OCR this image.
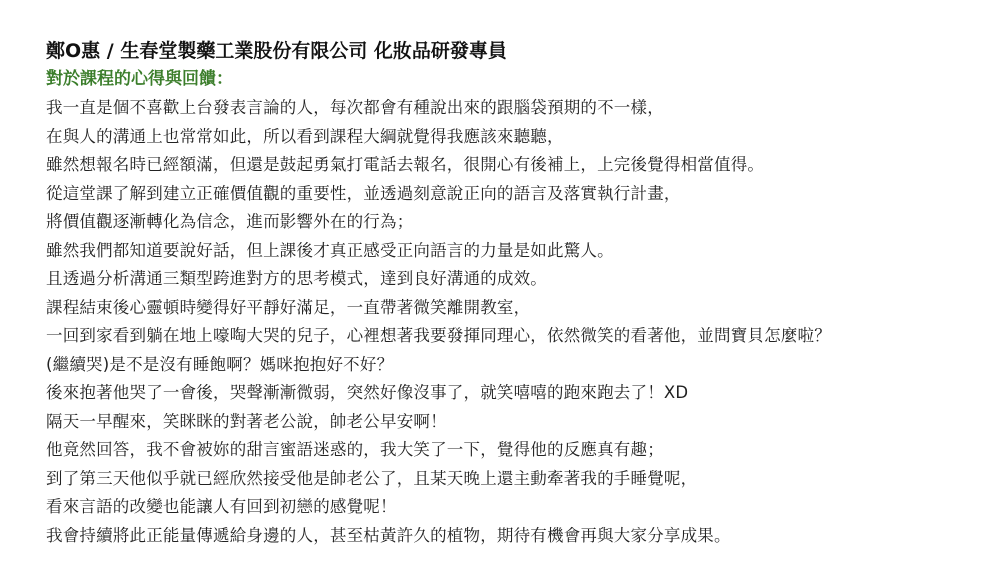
鄭O惠 / 生春堂製藥工業股份有限公司 化妝品研發專員
對於課程的心得與回饋：
我一直是個不喜歡上台發表言論的人，每次都會有種說出來的跟腦袋預期的不一樣，
在與人的溝通上也常常如此，所以看到課程大綱就覺得我應該來聽聽，
雖然想報名時已經額滿，但還是鼓起勇氣打電話去報名，很開心有後補上，上完後覺得相當值得。
從這堂課了解到建立正確價值觀的重要性，並透過刻意說正向的語言及落實執行計畫，
將價值觀逐漸轉化為信念，進而影響外在的行為；
雖然我們都知道要說好話，但上課後才真正感受正向語言的力量是如此驚人。
且透過分析溝通三類型跨進對方的思考模式，達到良好溝通的成效。
課程結束後心靈頓時變得好平靜好滿足，一直帶著微笑離開教室，
一回到家看到躺在地上嚎啕大哭的兒子，心裡想著我要發揮同理心，依然微笑的看著他，並問寶貝怎麼啦？
(繼續哭)是不是沒有睡飽啊？媽咪抱抱好不好？
後來抱著他哭了一會後，哭聲漸漸微弱，突然好像沒事了，就笑嘻嘻的跑來跑去了！XD
隔天一早醒來，笑眯眯的對著老公說，帥老公早安啊！
他竟然回答，我不會被妳的甜言蜜語迷惑的，我大笑了一下，覺得他的反應真有趣；
到了第三天他似乎就已經欣然接受他是帥老公了，且某天晚上還主動牽著我的手睡覺呢，
看來言語的改變也能讓人有回到初戀的感覺呢！
我會持續將此正能量傳遞給身邊的人，甚至枯黃許久的植物，期待有機會再與大家分享成果。
